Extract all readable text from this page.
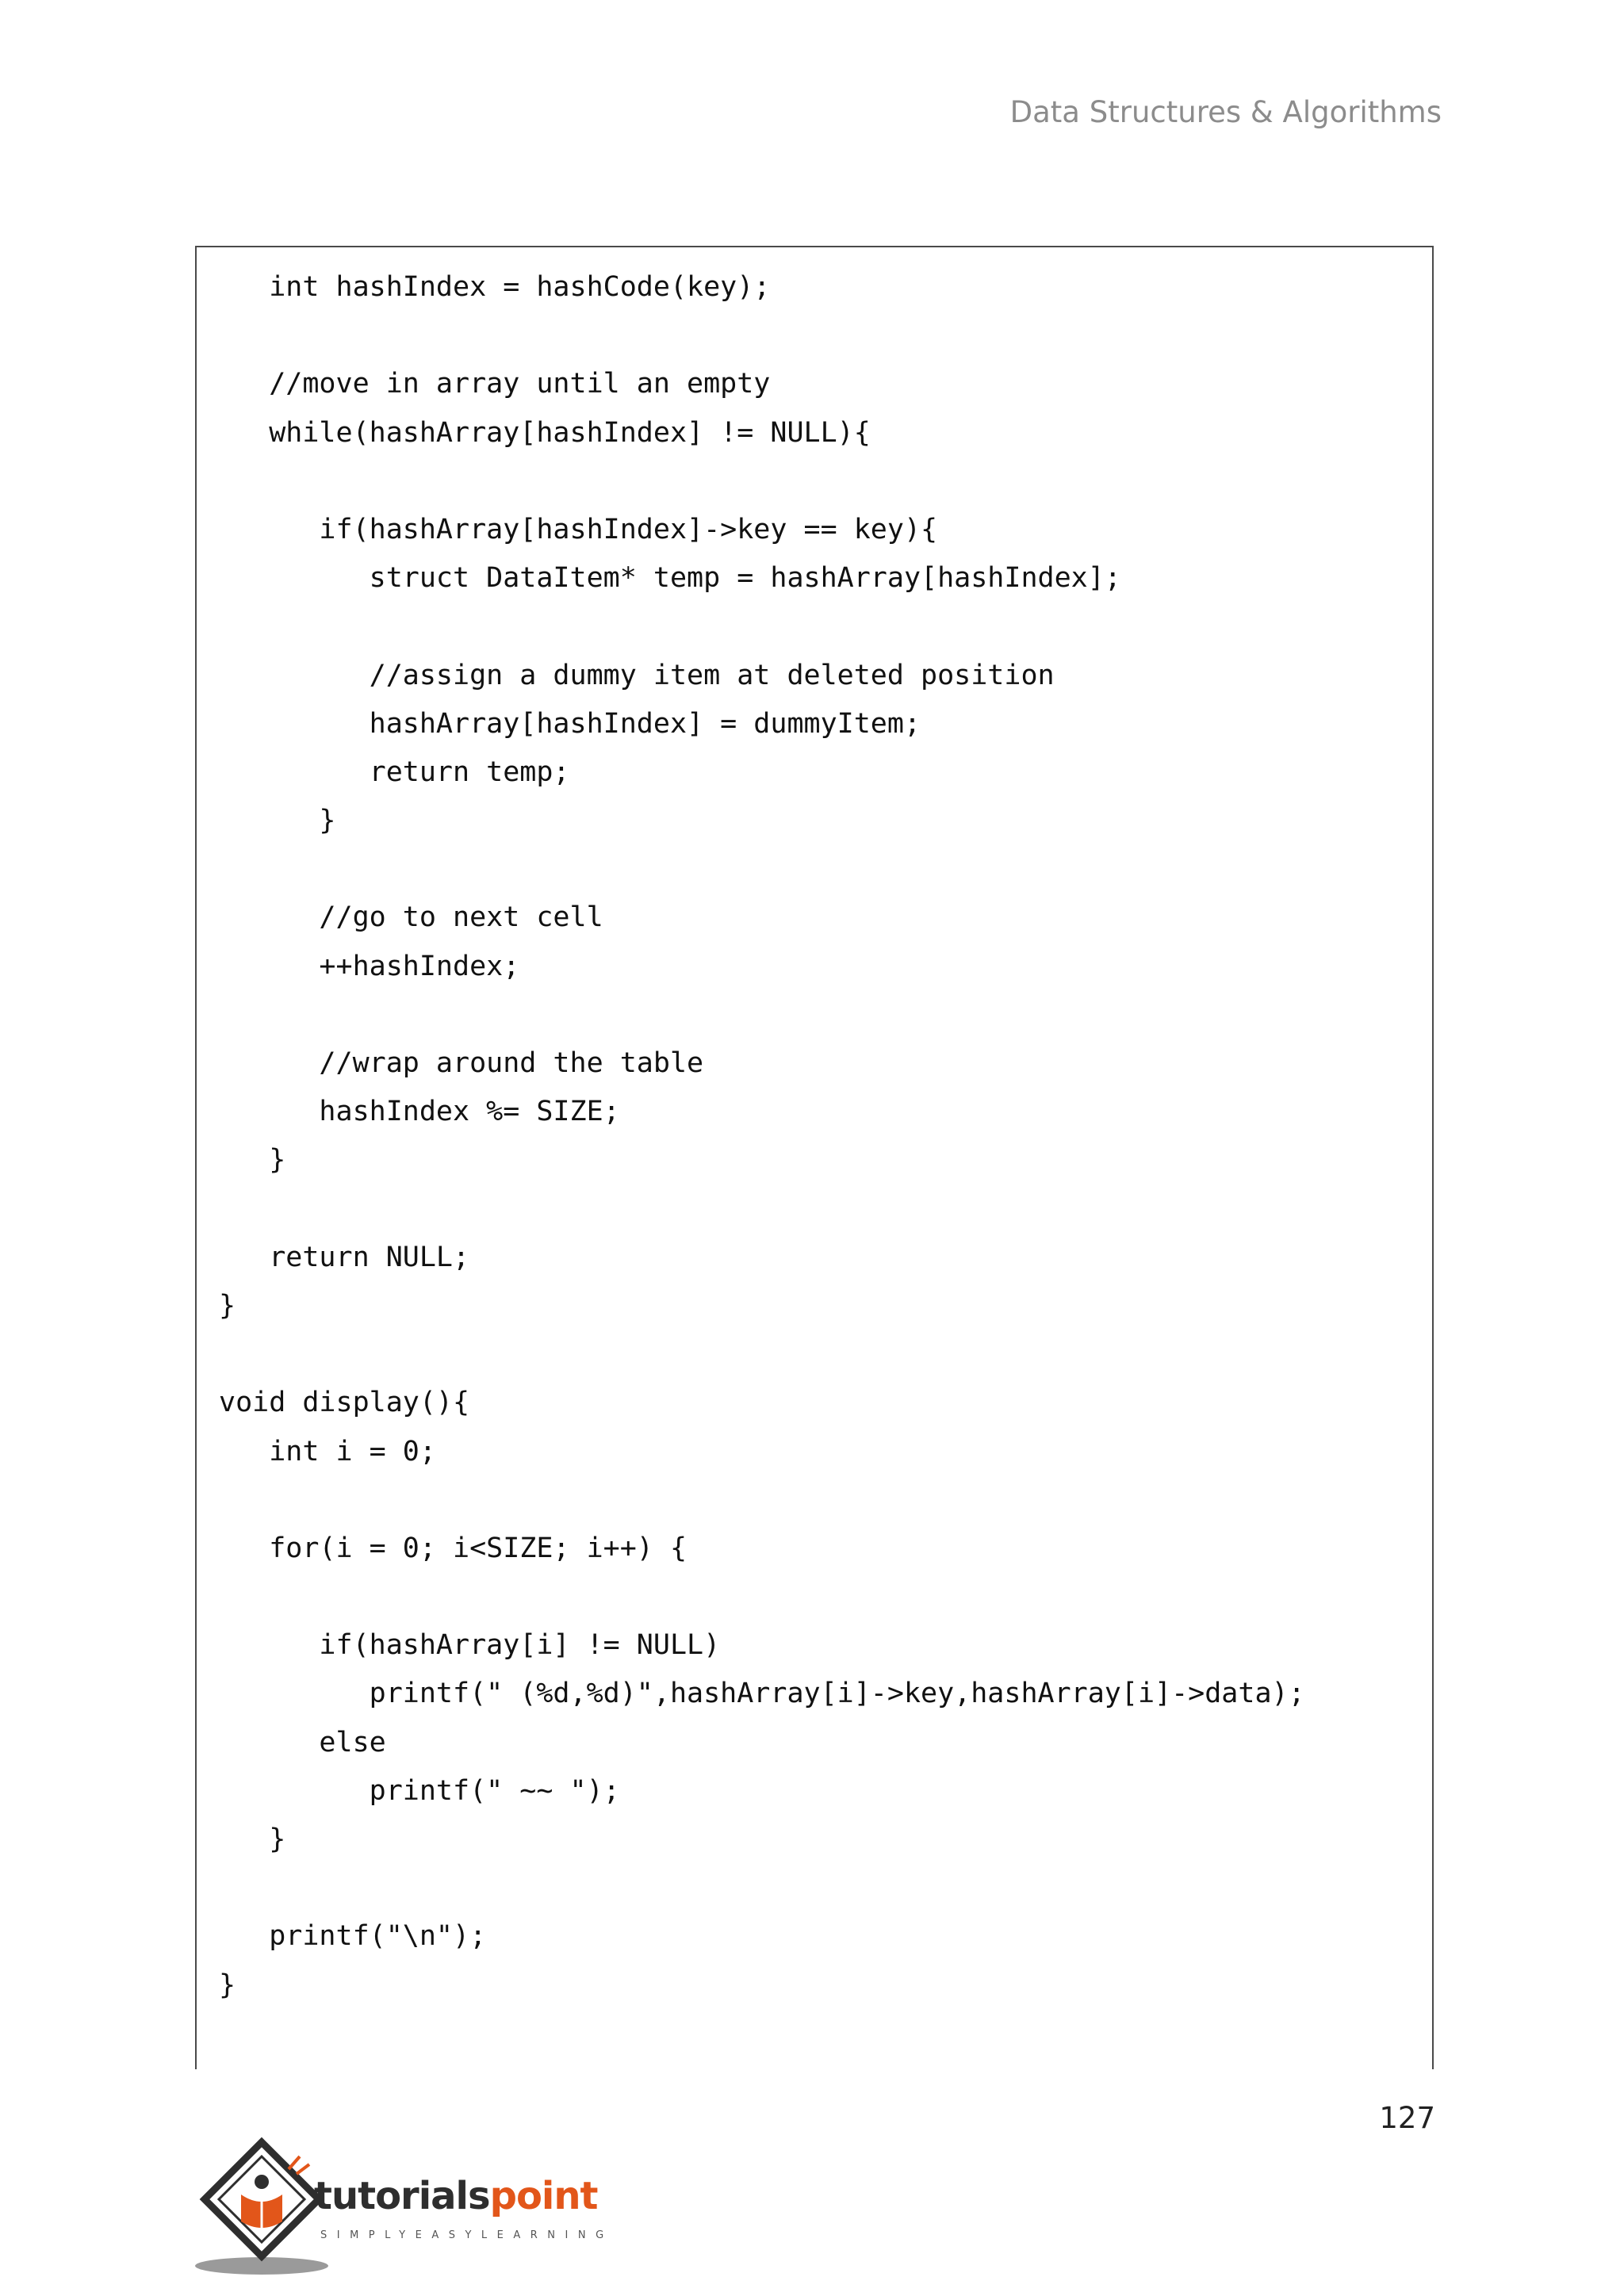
Data Structures & Algorithms
int hashIndex = hashCode(key);
//move in array until an empty
while(hashArray[hashIndex] != NULL){
if(hashArray[hashIndex]->key == key){
struct DataItem* temp = hashArray[hashIndex];
//assign a dummy item at deleted position
hashArray[hashIndex] = dummyItem;
return temp;
}
//go to next cell
++hashIndex;
//wrap around the table
hashIndex %= SIZE;
}
return NULL;
}
void display(){
int i = 0;
for(i = 0; i<SIZE; i++) {
if(hashArray[i] != NULL)
printf(" (%d,%d)",hashArray[i]->key,hashArray[i]->data);
else
printf(" ~~ ");
}
printf("\n");
}
127
tutorialspoint
SIMPLYEASYLEARNING
